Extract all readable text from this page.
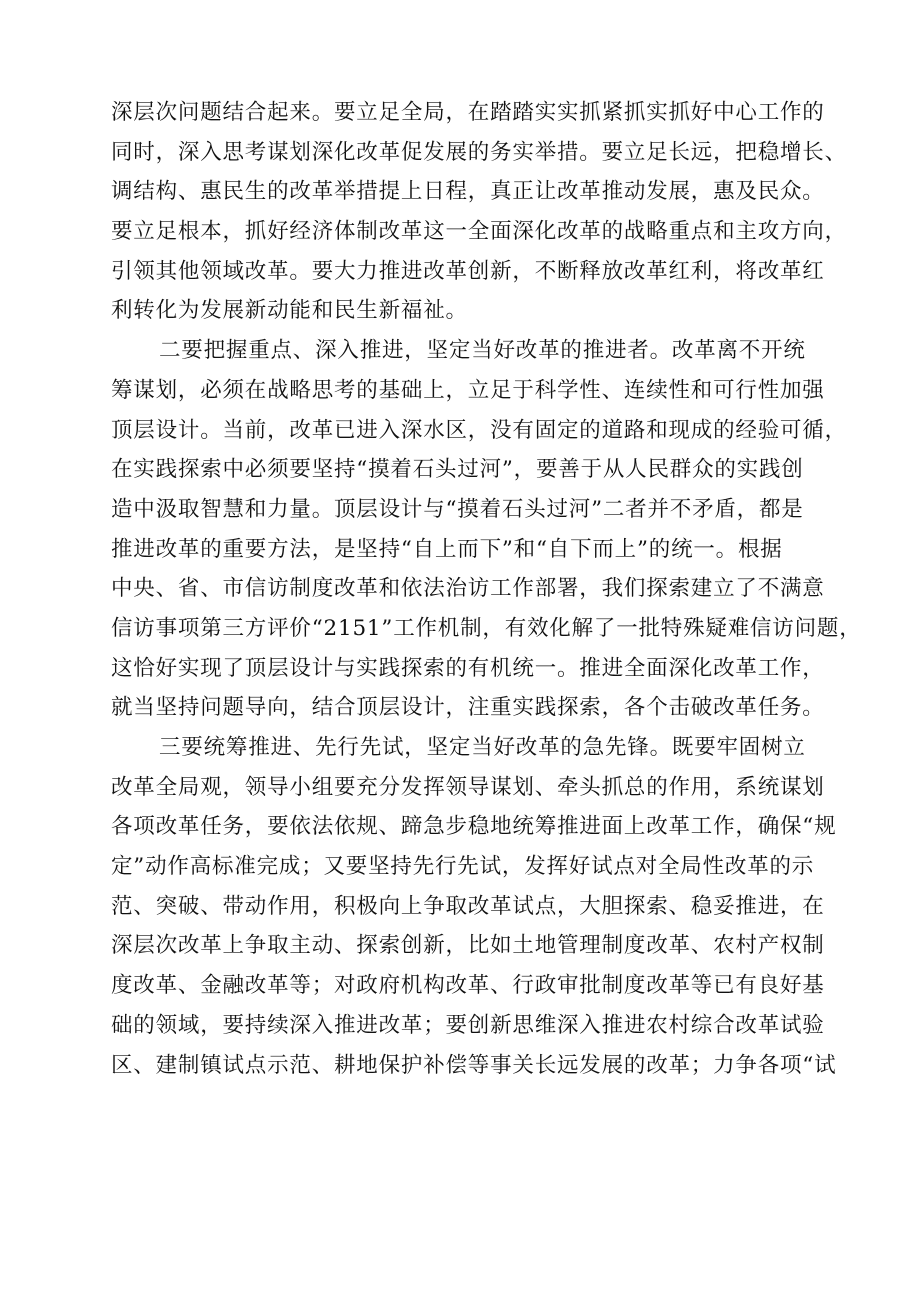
深层次问题结合起来。要立足全局，在踏踏实实抓紧抓实抓好中心工作的
同时，深入思考谋划深化改革促发展的务实举措。要立足长远，把稳增长、
调结构、惠民生的改革举措提上日程，真正让改革推动发展，惠及民众。
要立足根本，抓好经济体制改革这一全面深化改革的战略重点和主攻方向，
引领其他领域改革。要大力推进改革创新，不断释放改革红利，将改革红
利转化为发展新动能和民生新福祉。
二要把握重点、深入推进，坚定当好改革的推进者。改革离不开统
筹谋划，必须在战略思考的基础上，立足于科学性、连续性和可行性加强
顶层设计。当前，改革已进入深水区，没有固定的道路和现成的经验可循，
在实践探索中必须要坚持“摸着石头过河”，要善于从人民群众的实践创
造中汲取智慧和力量。顶层设计与“摸着石头过河”二者并不矛盾，都是
推进改革的重要方法，是坚持“自上而下”和“自下而上”的统一。根据
中央、省、市信访制度改革和依法治访工作部署，我们探索建立了不满意
信访事项第三方评价“2151”工作机制，有效化解了一批特殊疑难信访问题，
这恰好实现了顶层设计与实践探索的有机统一。推进全面深化改革工作，
就当坚持问题导向，结合顶层设计，注重实践探索，各个击破改革任务。
三要统筹推进、先行先试，坚定当好改革的急先锋。既要牢固树立
改革全局观，领导小组要充分发挥领导谋划、牵头抓总的作用，系统谋划
各项改革任务，要依法依规、蹄急步稳地统筹推进面上改革工作，确保“规
定”动作高标准完成；又要坚持先行先试，发挥好试点对全局性改革的示
范、突破、带动作用，积极向上争取改革试点，大胆探索、稳妥推进，在
深层次改革上争取主动、探索创新，比如土地管理制度改革、农村产权制
度改革、金融改革等；对政府机构改革、行政审批制度改革等已有良好基
础的领域，要持续深入推进改革；要创新思维深入推进农村综合改革试验
区、建制镇试点示范、耕地保护补偿等事关长远发展的改革；力争各项“试
